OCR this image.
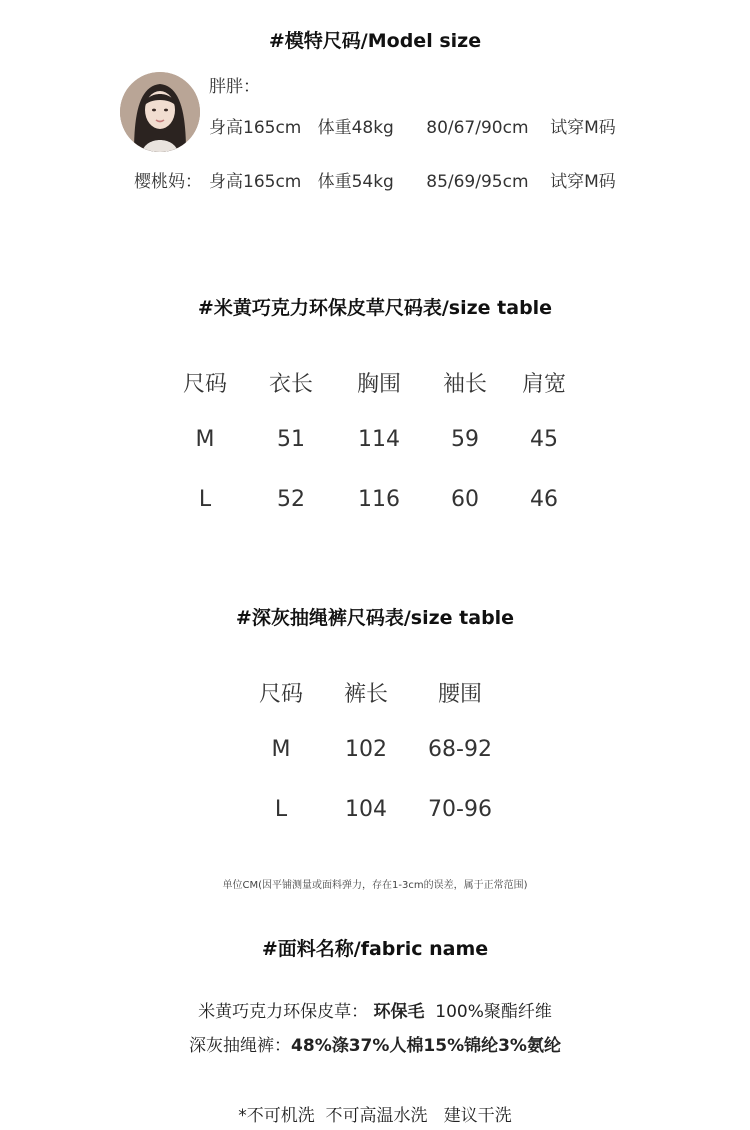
#模特尺码/Model size
胖胖：
身高165cm   体重48kg      80/67/90cm    试穿M码
樱桃妈： 身高165cm   体重54kg      85/69/95cm    试穿M码
#米黄巧克力环保皮草尺码表/size table
尺码	衣长	胸围	袖长	肩宽
M	51	114	59	45
L	52	116	60	46
#深灰抽绳裤尺码表/size table
尺码	裤长	腰围
M	102	68-92
L	104	70-96
单位CM(因平铺测量或面料弹力，存在1-3cm的误差，属于正常范围)
#面料名称/fabric name
米黄巧克力环保皮草： 环保毛 100%聚酯纤维
深灰抽绳裤：48%涤37%人棉15%锦纶3%氨纶
*不可机洗  不可高温水洗   建议干洗
